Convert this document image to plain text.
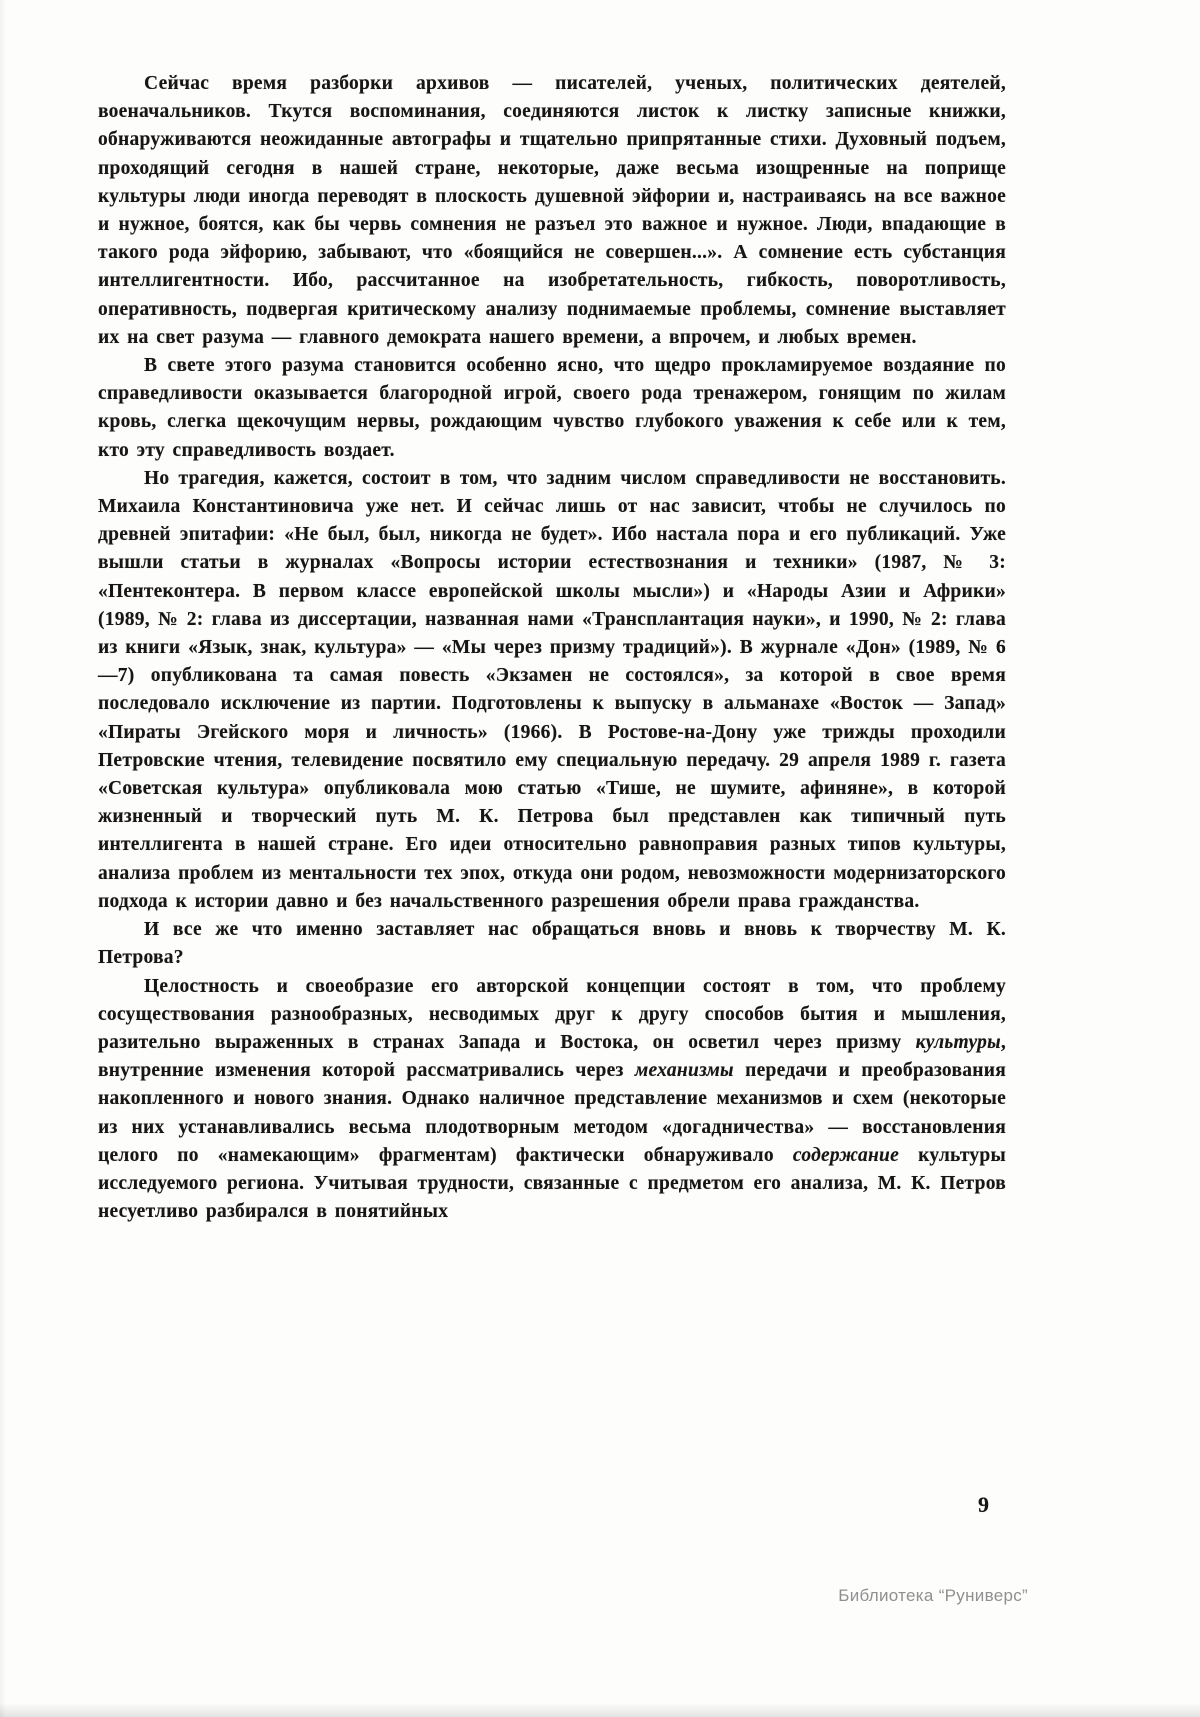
Сейчас время разборки архивов — писателей, ученых, политических деятелей, военачальников. Ткутся воспоминания, соединяются листок к листку записные книжки, обнаруживаются неожиданные автографы и тщательно припрятанные стихи. Духовный подъем, проходящий сегодня в нашей стране, некоторые, даже весьма изощренные на поприще культуры люди иногда переводят в плоскость душевной эйфории и, настраиваясь на все важное и нужное, боятся, как бы червь сомнения не разъел это важное и нужное. Люди, впадающие в такого рода эйфорию, забывают, что «боящийся не совершен...». А сомнение есть субстанция интеллигентности. Ибо, рассчитанное на изобретательность, гибкость, поворотливость, оперативность, подвергая критическому анализу поднимаемые проблемы, сомнение выставляет их на свет разума — главного демократа нашего времени, а впрочем, и любых времен.

В свете этого разума становится особенно ясно, что щедро прокламируемое воздаяние по справедливости оказывается благородной игрой, своего рода тренажером, гонящим по жилам кровь, слегка щекочущим нервы, рождающим чувство глубокого уважения к себе или к тем, кто эту справедливость воздает.

Но трагедия, кажется, состоит в том, что задним числом справедливости не восстановить. Михаила Константиновича уже нет. И сейчас лишь от нас зависит, чтобы не случилось по древней эпитафии: «Не был, был, никогда не будет». Ибо настала пора и его публикаций. Уже вышли статьи в журналах «Вопросы истории естествознания и техники» (1987, № 3: «Пентеконтера. В первом классе европейской школы мысли») и «Народы Азии и Африки» (1989, № 2: глава из диссертации, названная нами «Трансплантация науки», и 1990, № 2: глава из книги «Язык, знак, культура» — «Мы через призму традиций»). В журнале «Дон» (1989, № 6—7) опубликована та самая повесть «Экзамен не состоялся», за которой в свое время последовало исключение из партии. Подготовлены к выпуску в альманахе «Восток — Запад» «Пираты Эгейского моря и личность» (1966). В Ростове-на-Дону уже трижды проходили Петровские чтения, телевидение посвятило ему специальную передачу. 29 апреля 1989 г. газета «Советская культура» опубликовала мою статью «Тише, не шумите, афиняне», в которой жизненный и творческий путь М. К. Петрова был представлен как типичный путь интеллигента в нашей стране. Его идеи относительно равноправия разных типов культуры, анализа проблем из ментальности тех эпох, откуда они родом, невозможности модернизаторского подхода к истории давно и без начальственного разрешения обрели права гражданства.

И все же что именно заставляет нас обращаться вновь и вновь к творчеству М. К. Петрова?

Целостность и своеобразие его авторской концепции состоят в том, что проблему сосуществования разнообразных, несводимых друг к другу способов бытия и мышления, разительно выраженных в странах Запада и Востока, он осветил через призму культуры, внутренние изменения которой рассматривались через механизмы передачи и преобразования накопленного и нового знания. Однако наличное представление механизмов и схем (некоторые из них устанавливались весьма плодотворным методом «догадничества» — восстановления целого по «намекающим» фрагментам) фактически обнаруживало содержание культуры исследуемого региона. Учитывая трудности, связанные с предметом его анализа, М. К. Петров несуетливо разбирался в понятийных

9
Библиотека “Руниверс”
